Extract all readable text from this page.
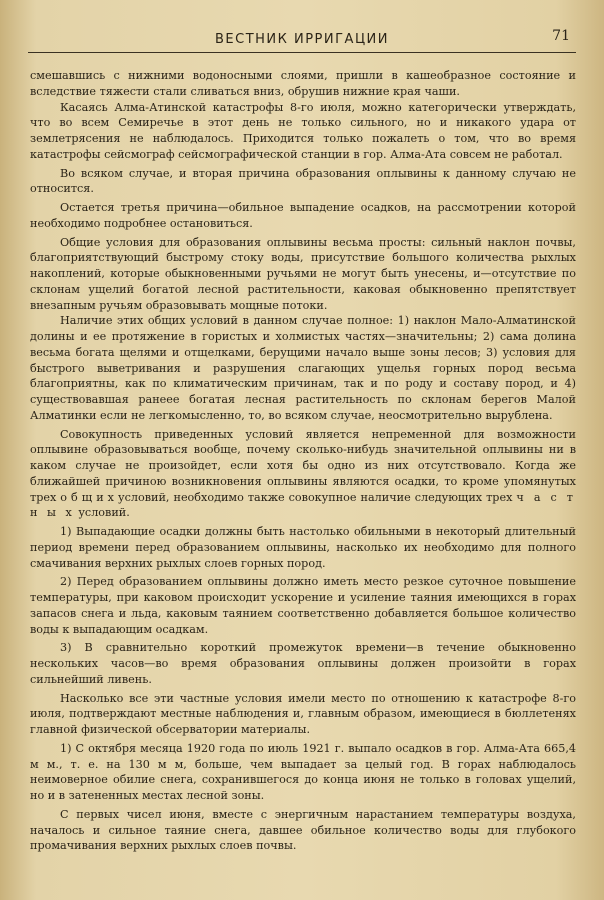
ВЕСТНИК ИРРИГАЦИИ	71

смешавшись с нижними водоносными слоями, пришли в кашеобразное состояние и вследствие тяжести стали сливаться вниз, обрушив нижние края чаши.

Касаясь Алма-Атинской катастрофы 8-го июля, можно категорически утверждать, что во всем Семиречье в этот день не только сильного, но и никакого удара от землетрясения не наблюдалось. Приходится только пожалеть о том, что во время катастрофы сейсмограф сейсмографической станции в гор. Алма-Ата совсем не работал.

Во всяком случае, и вторая причина образования оплывины к данному случаю не относится.

Остается третья причина—обильное выпадение осадков, на рассмотрении которой необходимо подробнее остановиться.

Общие условия для образования оплывины весьма просты: сильный наклон почвы, благоприятствующий быстрому стоку воды, присутствие большого количества рыхлых накоплений, которые обыкновенными ручьями не могут быть унесены, и—отсутствие по склонам ущелий богатой лесной растительности, каковая обыкновенно препятствует внезапным ручьям образовывать мощные потоки.

Наличие этих общих условий в данном случае полное: 1) наклон Мало-Алматинской долины и ее протяжение в гористых и холмистых частях—значительны; 2) сама долина весьма богата щелями и отщелками, берущими начало выше зоны лесов; 3) условия для быстрого выветривания и разрушения слагающих ущелья горных пород весьма благоприятны, как по климатическим причинам, так и по роду и составу пород, и 4) существовавшая ранеее богатая лесная растительность по склонам берегов Малой Алматинки если не легкомысленно, то, во всяком случае, неосмотрительно вырублена.

Совокупность приведенных условий является непременной для возможности оплывине образовываться вообще, почему сколько-нибудь значительной оплывины ни в каком случае не произойдет, если хотя бы одно из них отсутствовало. Когда же ближайшей причиною возникновения оплывины являются осадки, то кроме упомянутых трех о б щ и х условий, необходимо также совокупное наличие следующих трех ч а с т н ы х условий.

1) Выпадающие осадки должны быть настолько обильными в некоторый длительный период времени перед образованием оплывины, насколько их необходимо для полного смачивания верхних рыхлых слоев горных пород.

2) Перед образованием оплывины должно иметь место резкое суточное повышение температуры, при каковом происходит ускорение и усиление таяния имеющихся в горах запасов снега и льда, каковым таянием соответственно добавляется большое количество воды к выпадающим осадкам.

3) В сравнительно короткий промежуток времени—в течение обыкновенно нескольких часов—во время образования оплывины должен произойти в горах сильнейший ливень.

Насколько все эти частные условия имели место по отношению к катастрофе 8-го июля, подтверждают местные наблюдения и, главным образом, имеющиеся в бюллетенях главной физической обсерватории материалы.

1) С октября месяца 1920 года по июль 1921 г. выпало осадков в гор. Алма-Ата 665,4 м м., т. е. на 130 м м, больше, чем выпадает за целый год. В горах наблюдалось неимоверное обилие снега, сохранившегося до конца июня не только в головах ущелий, но и в затененных местах лесной зоны.

С первых чисел июня, вместе с энергичным нарастанием температуры воздуха, началось и сильное таяние снега, давшее обильное количество воды для глубокого промачивания верхних рыхлых слоев почвы.
